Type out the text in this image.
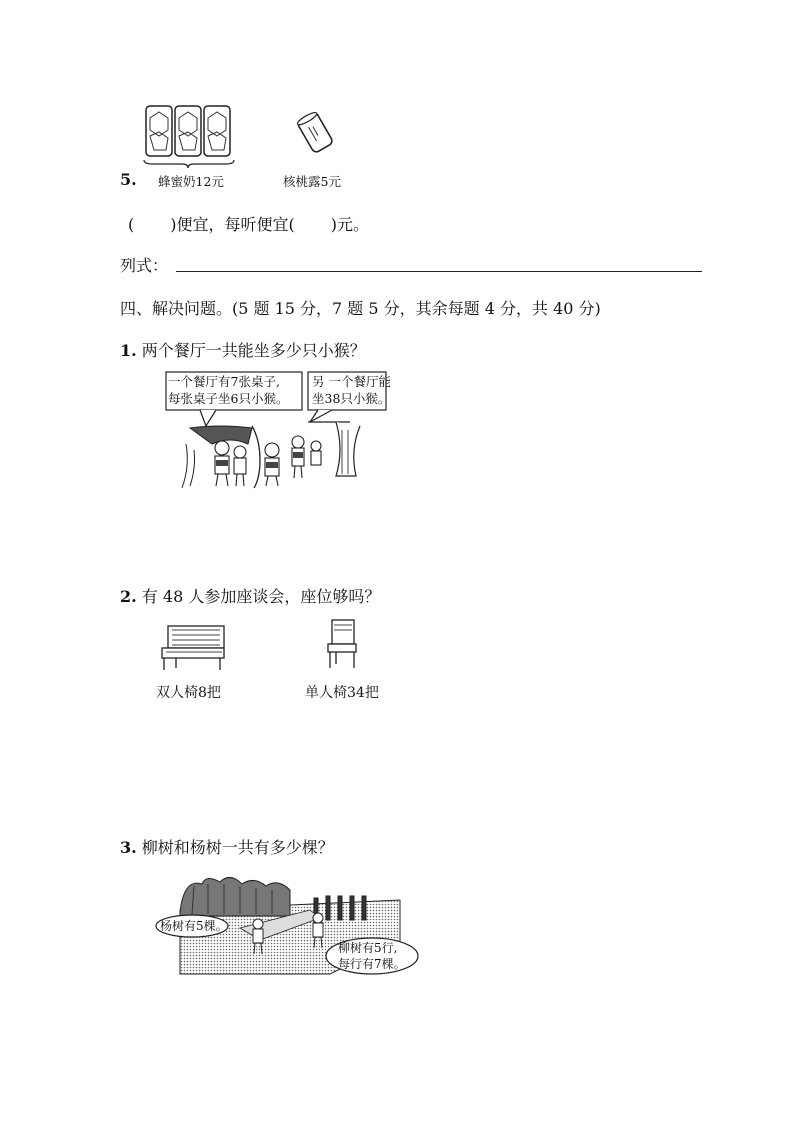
5. 蜂蜜奶12元	核桃露5元
( )便宜，每听便宜( )元。
列式：
四、解决问题。(5 题 15 分，7 题 5 分，其余每题 4 分，共 40 分)
1. 两个餐厅一共能坐多少只小猴？
一个餐厅有7张桌子,
每张桌子坐6只小猴。
另 一个餐厅能
坐38只小猴。
2. 有 48 人参加座谈会，座位够吗？
双人椅8把	单人椅34把
3. 柳树和杨树一共有多少棵？
杨树有5棵。
柳树有5行,
每行有7棵。
